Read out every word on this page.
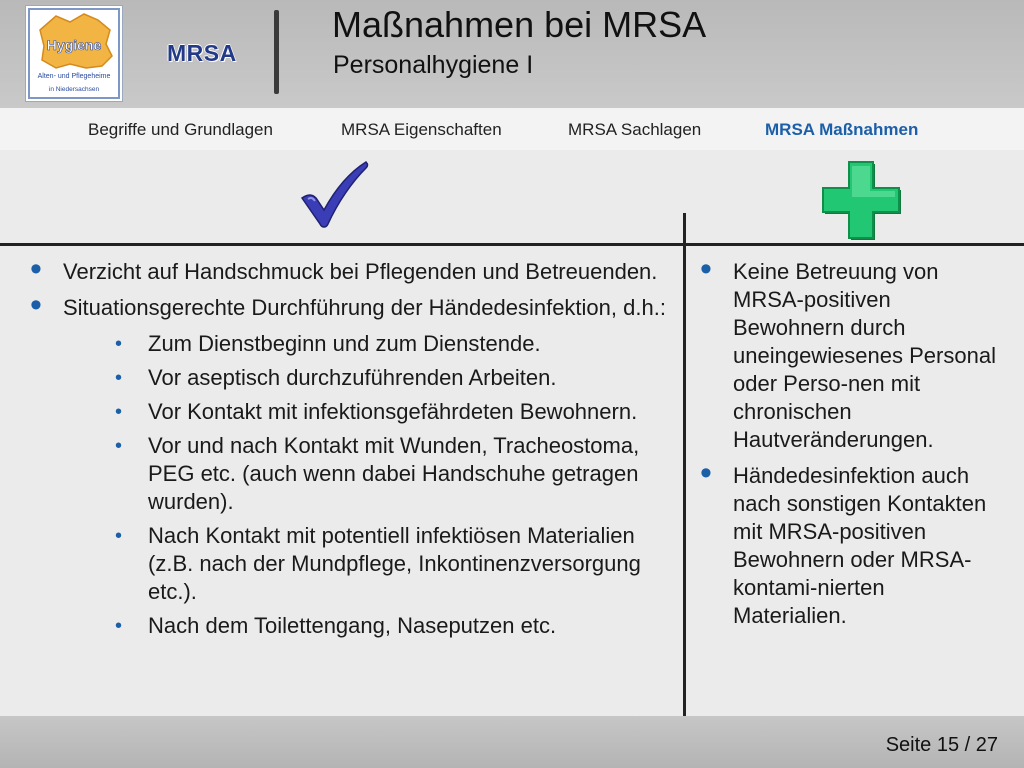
Hygiene
Alten- und Pflegeheime
in Niedersachsen
MRSA
Maßnahmen bei MRSA
Personalhygiene I
Begriffe und Grundlagen	MRSA Eigenschaften	MRSA Sachlagen	MRSA Maßnahmen
• Verzicht auf Handschmuck bei Pflegenden und Betreuenden.
• Situationsgerechte Durchführung der Händedesinfektion, d.h.:
• Zum Dienstbeginn und zum Dienstende.
• Vor aseptisch durchzuführenden Arbeiten.
• Vor Kontakt mit infektionsgefährdeten Bewohnern.
• Vor und nach Kontakt mit Wunden, Tracheostoma, PEG etc. (auch wenn dabei Handschuhe getragen wurden).
• Nach Kontakt mit potentiell infektiösen Materialien (z.B. nach der Mundpflege, Inkontinenzversorgung etc.).
• Nach dem Toilettengang, Naseputzen etc.
• Keine Betreuung von MRSA-positiven Bewohnern durch uneingewiesenes Personal oder Perso-nen mit chronischen Hautveränderungen.
• Händedesinfektion auch nach sonstigen Kontakten mit MRSA-positiven Bewohnern oder MRSA-kontami-nierten Materialien.
Seite 15 / 27
